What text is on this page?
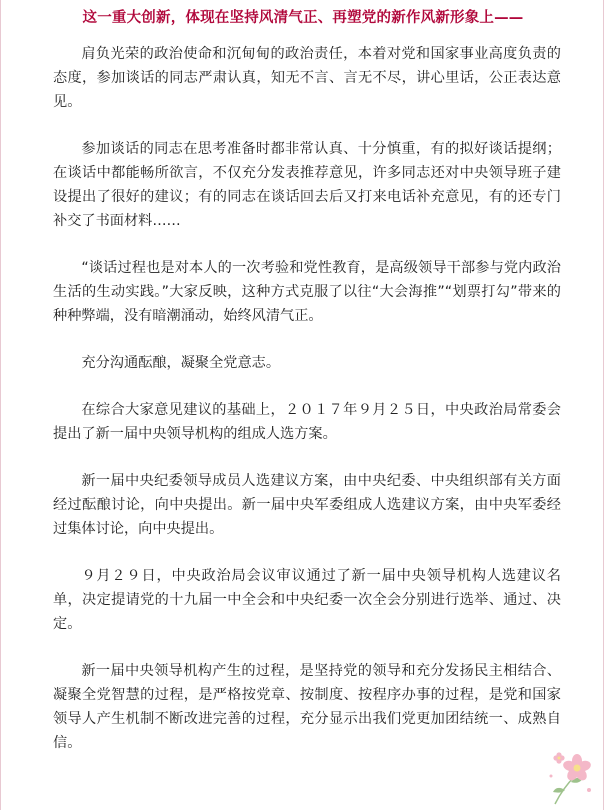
这一重大创新，体现在坚持风清气正、再塑党的新作风新形象上——

肩负光荣的政治使命和沉甸甸的政治责任，本着对党和国家事业高度负责的态度，参加谈话的同志严肃认真，知无不言、言无不尽，讲心里话，公正表达意见。

参加谈话的同志在思考准备时都非常认真、十分慎重，有的拟好谈话提纲；在谈话中都能畅所欲言，不仅充分发表推荐意见，许多同志还对中央领导班子建设提出了很好的建议；有的同志在谈话回去后又打来电话补充意见，有的还专门补交了书面材料……

“谈话过程也是对本人的一次考验和党性教育，是高级领导干部参与党内政治生活的生动实践。”大家反映，这种方式克服了以往“大会海推”“划票打勾”带来的种种弊端，没有暗潮涌动，始终风清气正。

充分沟通酝酿，凝聚全党意志。

在综合大家意见建议的基础上，２０１７年９月２５日，中央政治局常委会提出了新一届中央领导机构的组成人选方案。

新一届中央纪委领导成员人选建议方案，由中央纪委、中央组织部有关方面经过酝酿讨论，向中央提出。新一届中央军委组成人选建议方案，由中央军委经过集体讨论，向中央提出。

９月２９日，中央政治局会议审议通过了新一届中央领导机构人选建议名单，决定提请党的十九届一中全会和中央纪委一次全会分别进行选举、通过、决定。

新一届中央领导机构产生的过程，是坚持党的领导和充分发扬民主相结合、凝聚全党智慧的过程，是严格按党章、按制度、按程序办事的过程，是党和国家领导人产生机制不断改进完善的过程，充分显示出我们党更加团结统一、成熟自信。
